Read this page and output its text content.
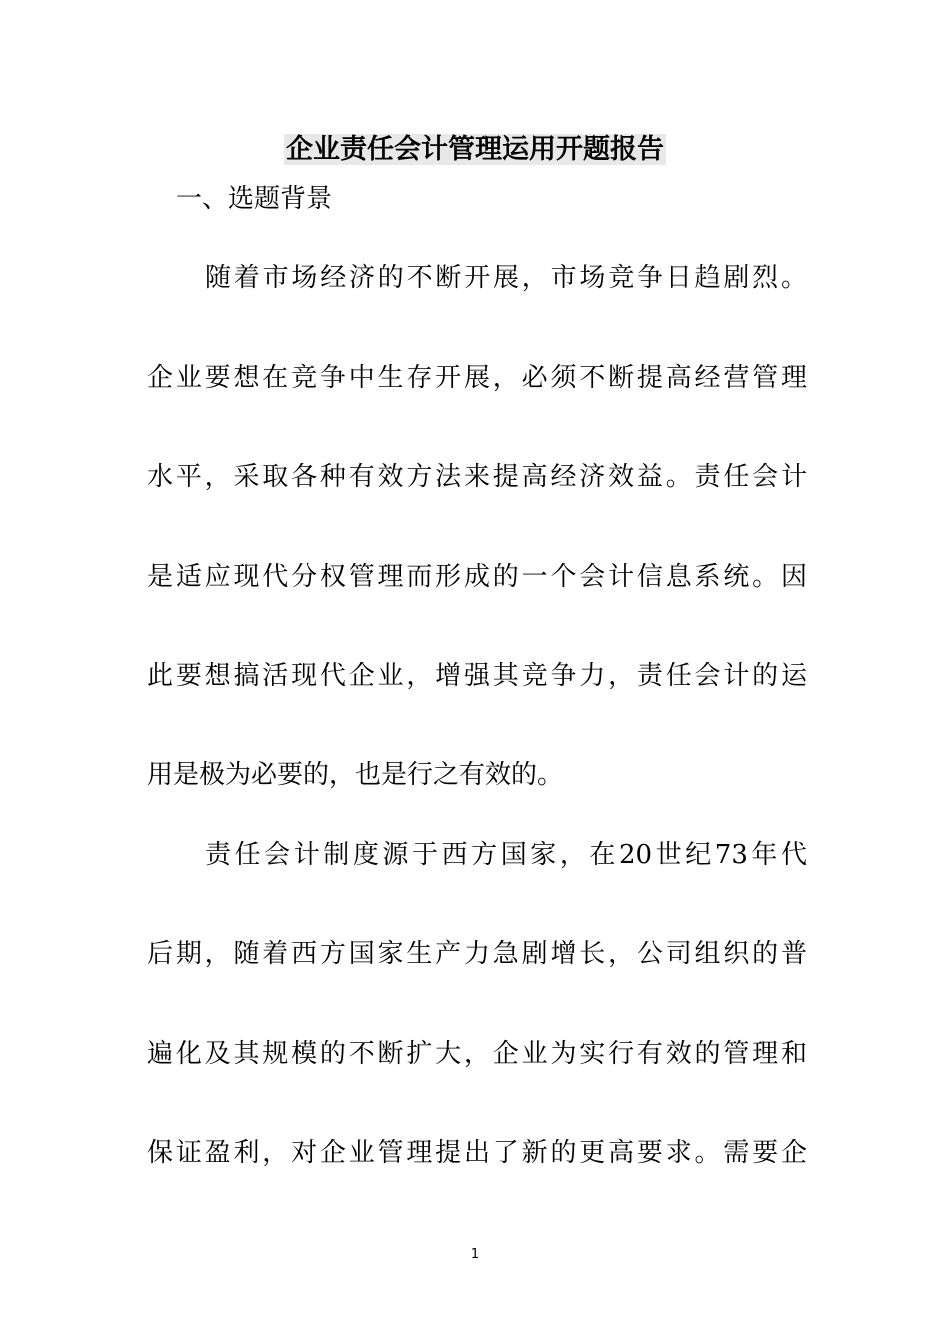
企业责任会计管理运用开题报告
一、选题背景
随着市场经济的不断开展，市场竞争日趋剧烈。
企业要想在竞争中生存开展，必须不断提高经营管理
水平，采取各种有效方法来提高经济效益。责任会计
是适应现代分权管理而形成的一个会计信息系统。因
此要想搞活现代企业，增强其竞争力，责任会计的运
用是极为必要的，也是行之有效的。
责任会计制度源于西方国家，在20世纪73年代
后期，随着西方国家生产力急剧增长，公司组织的普
遍化及其规模的不断扩大，企业为实行有效的管理和
保证盈利，对企业管理提出了新的更高要求。需要企
1
